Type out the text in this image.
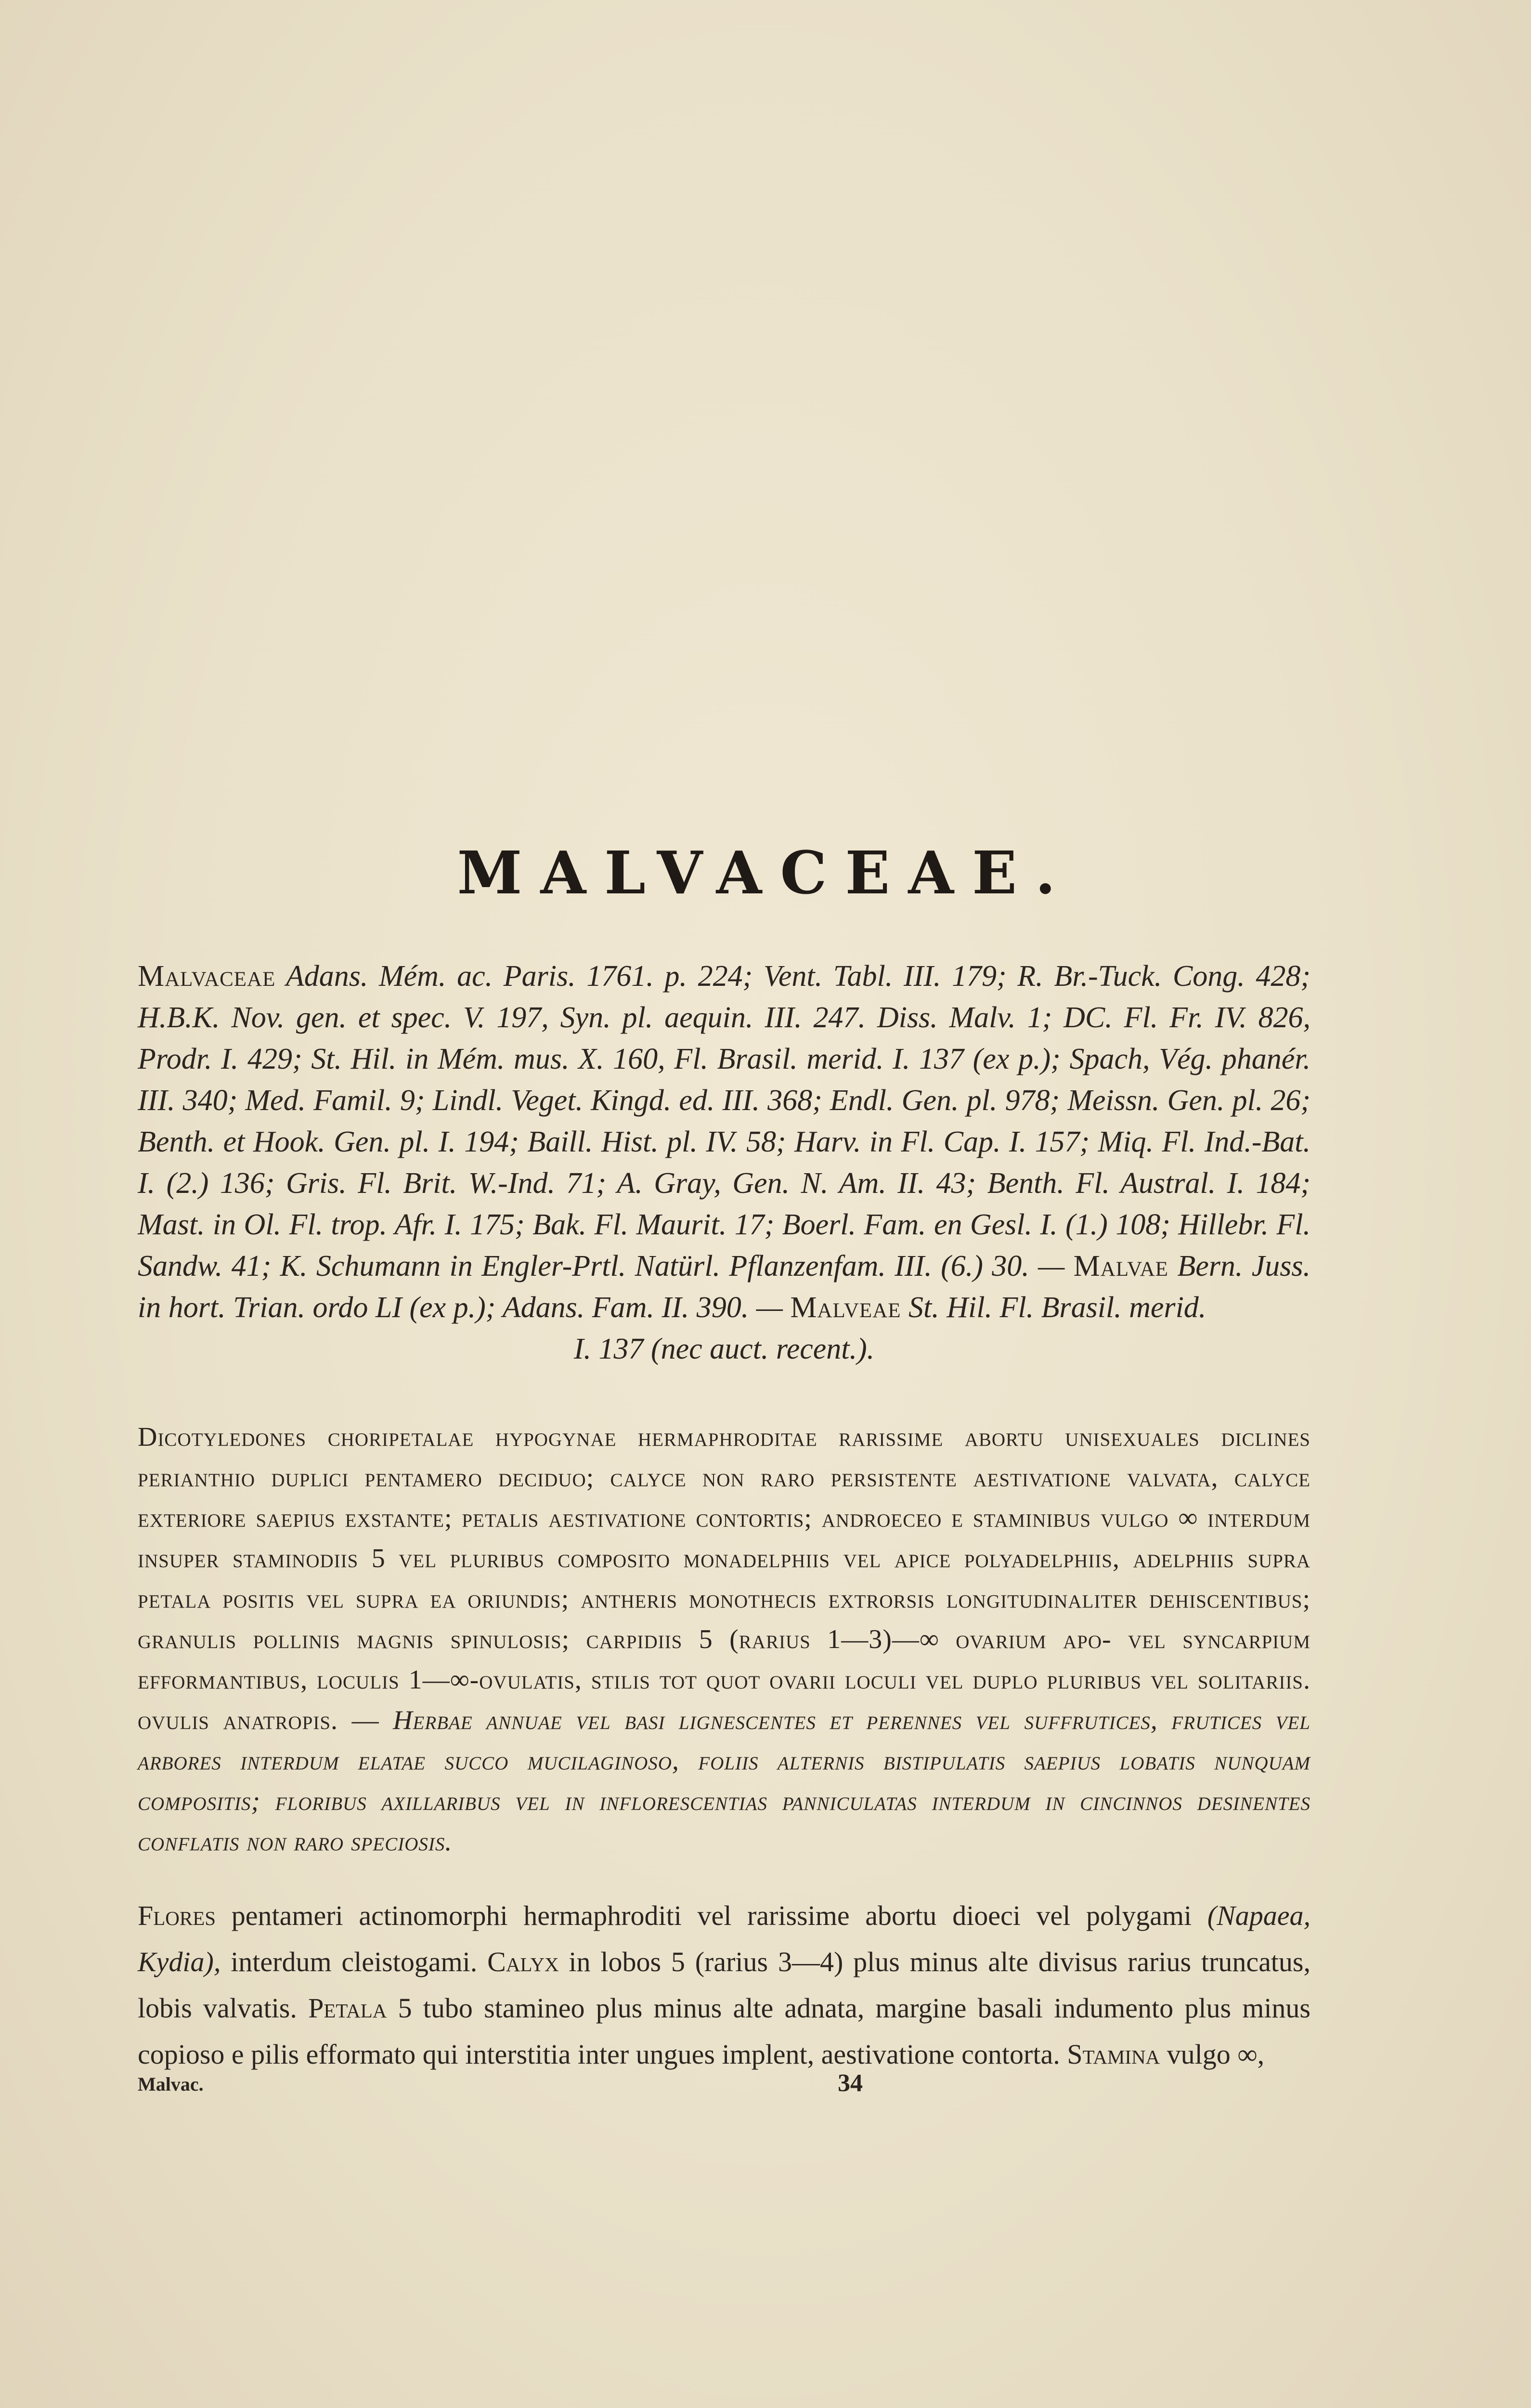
MALVACEAE.
Malvaceae Adans. Mém. ac. Paris. 1761. p. 224; Vent. Tabl. III. 179; R. Br.-Tuck. Cong. 428; H.B.K. Nov. gen. et spec. V. 197, Syn. pl. aequin. III. 247. Diss. Malv. 1; DC. Fl. Fr. IV. 826, Prodr. I. 429; St. Hil. in Mém. mus. X. 160, Fl. Brasil. merid. I. 137 (ex p.); Spach, Vég. phanér. III. 340; Med. Famil. 9; Lindl. Veget. Kingd. ed. III. 368; Endl. Gen. pl. 978; Meissn. Gen. pl. 26; Benth. et Hook. Gen. pl. I. 194; Baill. Hist. pl. IV. 58; Harv. in Fl. Cap. I. 157; Miq. Fl. Ind.-Bat. I. (2.) 136; Gris. Fl. Brit. W.-Ind. 71; A. Gray, Gen. N. Am. II. 43; Benth. Fl. Austral. I. 184; Mast. in Ol. Fl. trop. Afr. I. 175; Bak. Fl. Maurit. 17; Boerl. Fam. en Gesl. I. (1.) 108; Hillebr. Fl. Sandw. 41; K. Schumann in Engler-Prtl. Natürl. Pflanzenfam. III. (6.) 30. — Malvae Bern. Juss. in hort. Trian. ordo LI (ex p.); Adans. Fam. II. 390. — Malveae St. Hil. Fl. Brasil. merid.
I. 137 (nec auct. recent.).
Dicotyledones choripetalae hypogynae hermaphroditae rarissime abortu unisexuales diclines perianthio duplici pentamero deciduo; calyce non raro persistente aestivatione valvata, calyce exteriore saepius exstante; petalis aestivatione contortis; androeceo e staminibus vulgo ∞ interdum insuper staminodiis 5 vel pluribus composito monadelphiis vel apice polyadelphiis, adelphiis supra petala positis vel supra ea oriundis; antheris monothecis extrorsis longitudinaliter dehiscentibus; granulis pollinis magnis spinulosis; carpidiis 5 (rarius 1—3)—∞ ovarium apo- vel syncarpium efformantibus, loculis 1—∞-ovulatis, stilis tot quot ovarii loculi vel duplo pluribus vel solitariis. ovulis anatropis. — Herbae annuae vel basi lignescentes et perennes vel suffrutices, frutices vel arbores interdum elatae succo mucilaginoso, foliis alternis bistipulatis saepius lobatis nunquam compositis; floribus axillaribus vel in inflorescentias panniculatas interdum in cincinnos desinentes conflatis non raro speciosis.
Flores pentameri actinomorphi hermaphroditi vel rarissime abortu dioeci vel polygami (Napaea, Kydia), interdum cleistogami. Calyx in lobos 5 (rarius 3—4) plus minus alte divisus rarius truncatus, lobis valvatis. Petala 5 tubo stamineo plus minus alte adnata, margine basali indumento plus minus copioso e pilis efformato qui interstitia inter ungues implent, aestivatione contorta. Stamina vulgo ∞,
Malvac.	34
